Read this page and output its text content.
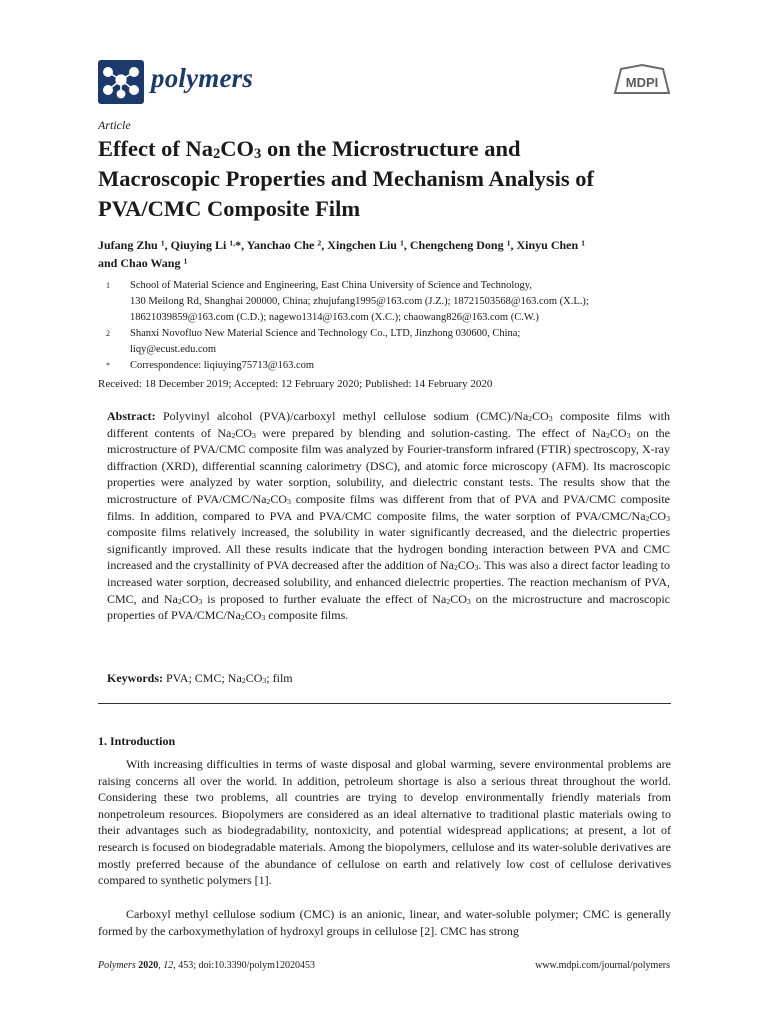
polymers	MDPI
Article
Effect of $Na_2CO_3$ on the Microstructure and
Macroscopic Properties and Mechanism Analysis of
PVA/CMC Composite Film
Jufang Zhu $^1$, Qiuying Li $^{1,}$*, Yanchao Che $^2$, Xingchen Liu $^1$, Chengcheng Dong $^1$, Xinyu Chen $^1$
and Chao Wang $^1$
1 School of Material Science and Engineering, East China University of Science and Technology,
130 Meilong Rd, Shanghai 200000, China; zhujufang1995@163.com (J.Z.); 18721503568@163.com (X.L.);
18621039859@163.com (C.D.); nagewo1314@163.com (X.C.); chaowang826@163.com (C.W.)
2 Shanxi Novofluo New Material Science and Technology Co., LTD, Jinzhong 030600, China;
liqy@ecust.edu.com
* Correspondence: liqiuying75713@163.com
Received: 18 December 2019; Accepted: 12 February 2020; Published: 14 February 2020
Abstract: Polyvinyl alcohol (PVA)/carboxyl methyl cellulose sodium $(CMC)/Na_2CO_3$ composite films with different contents of $Na_2CO_3$ were prepared by blending and solution-casting. The effect of $Na_2CO_3$ on the microstructure of PVA/CMC composite film was analyzed by Fourier-transform infrared (FTIR) spectroscopy, X-ray diffraction (XRD), differential scanning calorimetry (DSC), and atomic force microscopy (AFM). Its macroscopic properties were analyzed by water sorption, solubility, and dielectric constant tests. The results show that the microstructure of PVA/$CMC/Na_2CO_3$ composite films was different from that of PVA and PVA/CMC composite films. In addition, compared to PVA and PVA/CMC composite films, the water sorption of PVA/$CMC/Na_2CO_3$ composite films relatively increased, the solubility in water significantly decreased, and the dielectric properties significantly improved. All these results indicate that the hydrogen bonding interaction between PVA and CMC increased and the crystallinity of PVA decreased after the addition of $Na_2CO_3$. This was also a direct factor leading to increased water sorption, decreased solubility, and enhanced dielectric properties. The reaction mechanism of PVA, CMC, and $Na_2CO_3$ is proposed to further evaluate the effect of $Na_2CO_3$ on the microstructure and macroscopic properties of PVA/$CMC/Na_2CO_3$ composite films.
Keywords: PVA; CMC; $Na_2CO_3$; film
1. Introduction
With increasing difficulties in terms of waste disposal and global warming, severe environmental problems are raising concerns all over the world. In addition, petroleum shortage is also a serious threat throughout the world. Considering these two problems, all countries are trying to develop environmentally friendly materials from nonpetroleum resources. Biopolymers are considered as an ideal alternative to traditional plastic materials owing to their advantages such as biodegradability, nontoxicity, and potential widespread applications; at present, a lot of research is focused on biodegradable materials. Among the biopolymers, cellulose and its water-soluble derivatives are mostly preferred because of the abundance of cellulose on earth and relatively low cost of cellulose derivatives compared to synthetic polymers [1].
Carboxyl methyl cellulose sodium (CMC) is an anionic, linear, and water-soluble polymer; CMC is generally formed by the carboxymethylation of hydroxyl groups in cellulose [2]. CMC has strong
Polymers 2020, 12, 453; doi:10.3390/polym12020453	www.mdpi.com/journal/polymers
